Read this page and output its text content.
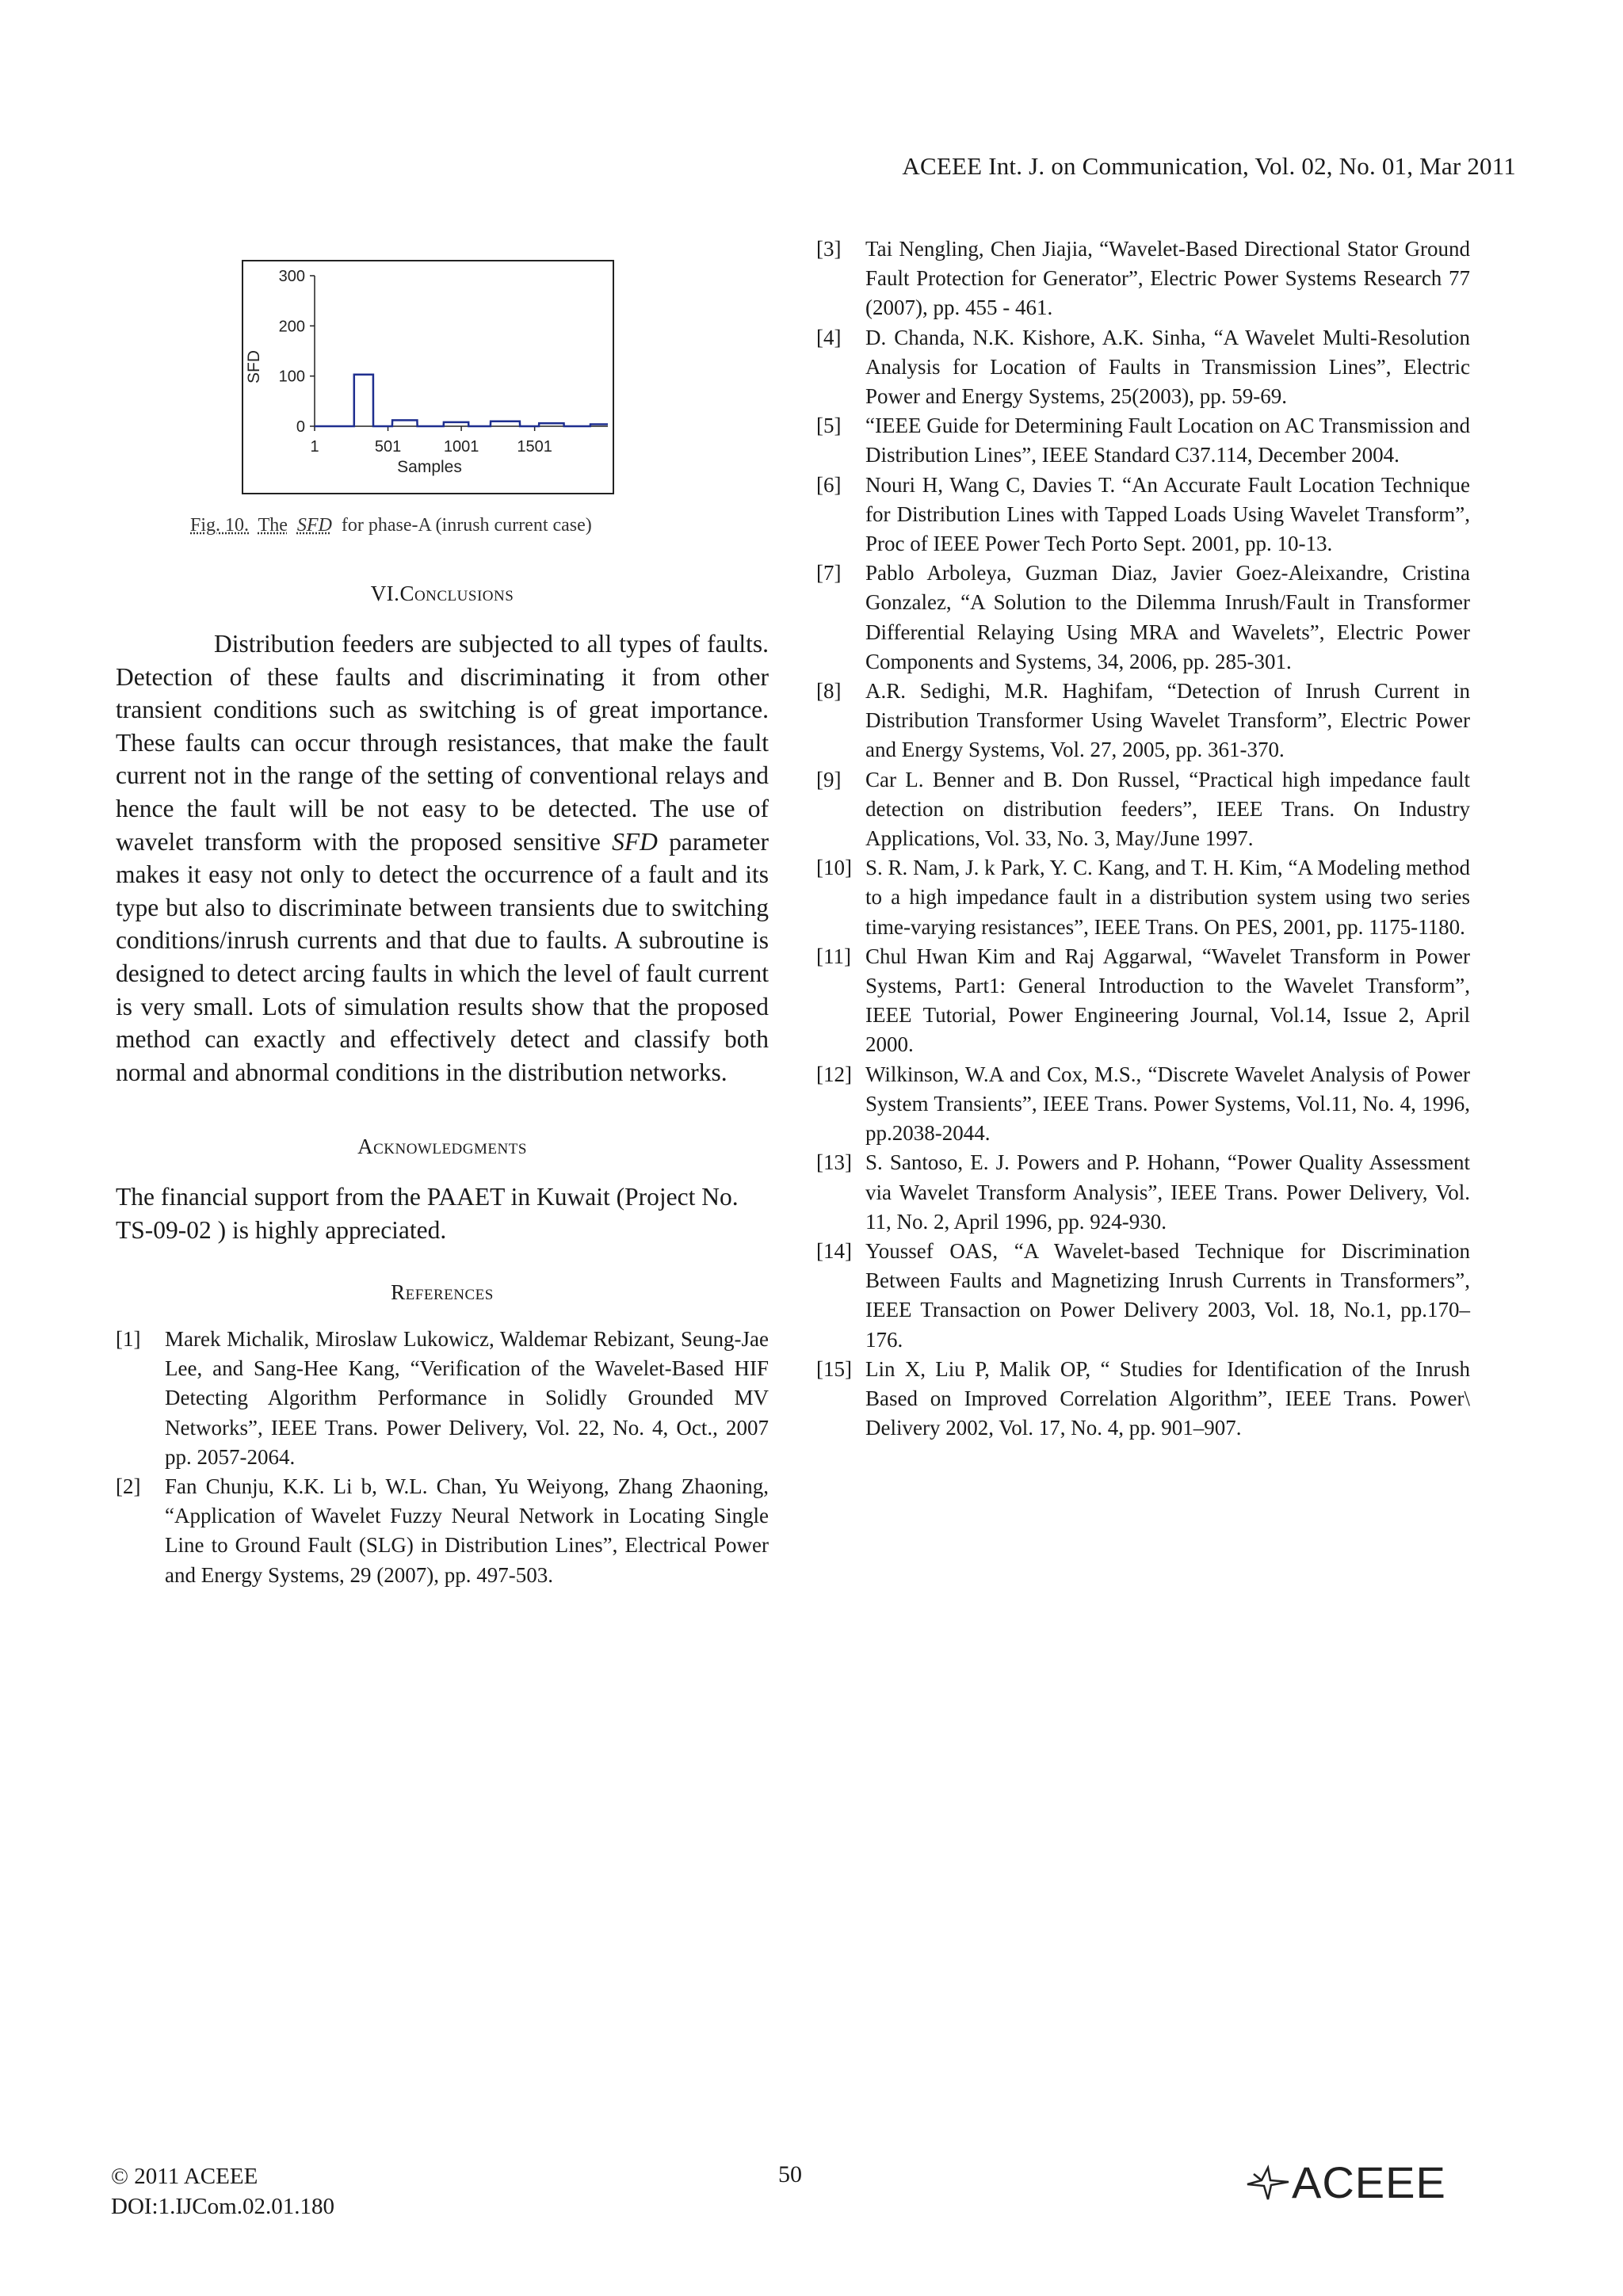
ACEEE Int. J. on Communication, Vol. 02, No. 01, Mar 2011
0
100
200
300
1	501	1001 1501
Samples
SFD
Fig. 10. The SFD for phase-A (inrush current case)
VI.Conclusions
Distribution feeders are subjected to all types of faults. Detection of these faults and discriminating it from other transient conditions such as switching is of great importance. These faults can occur through resistances, that make the fault current not in the range of the setting of conventional relays and hence the fault will be not easy to be detected. The use of wavelet transform with the proposed sensitive SFD parameter makes it easy not only to detect the occurrence of a fault and its type but also to discriminate between transients due to switching conditions/inrush currents and that due to faults. A subroutine is designed to detect arcing faults in which the level of fault current is very small. Lots of simulation results show that the proposed method can exactly and effectively detect and classify both normal and abnormal conditions in the distribution networks.
Acknowledgments
The financial support from the PAAET in Kuwait (Project No. TS-09-02 ) is highly appreciated.
References
[1]	Marek Michalik, Miroslaw Lukowicz, Waldemar Rebizant, Seung-Jae Lee, and Sang-Hee Kang, “Verification of the Wavelet-Based HIF Detecting Algorithm Performance in Solidly Grounded MV Networks”, IEEE Trans. Power Delivery, Vol. 22, No. 4, Oct., 2007 pp. 2057-2064.
[2]	Fan Chunju, K.K. Li b, W.L. Chan, Yu Weiyong, Zhang Zhaoning, “Application of Wavelet Fuzzy Neural Network in Locating Single Line to Ground Fault (SLG) in Distribution Lines”, Electrical Power and Energy Systems, 29 (2007), pp. 497-503.
[3]	Tai Nengling, Chen Jiajia, “Wavelet-Based Directional Stator Ground Fault Protection for Generator”, Electric Power Systems Research 77 (2007), pp. 455 - 461.
[4]	D. Chanda, N.K. Kishore, A.K. Sinha, “A Wavelet Multi-Resolution Analysis for Location of Faults in Transmission Lines”, Electric Power and Energy Systems, 25(2003), pp. 59-69.
[5]	“IEEE Guide for Determining Fault Location on AC Transmission and Distribution Lines”, IEEE Standard C37.114, December 2004.
[6]	Nouri H, Wang C, Davies T. “An Accurate Fault Location Technique for Distribution Lines with Tapped Loads Using Wavelet Transform”, Proc of IEEE Power Tech Porto Sept. 2001, pp. 10-13.
[7]	Pablo Arboleya, Guzman Diaz, Javier Goez-Aleixandre, Cristina Gonzalez, “A Solution to the Dilemma Inrush/Fault in Transformer Differential Relaying Using MRA and Wavelets”, Electric Power Components and Systems, 34, 2006, pp. 285-301.
[8]	A.R. Sedighi, M.R. Haghifam, “Detection of Inrush Current in Distribution Transformer Using Wavelet Transform”, Electric Power and Energy Systems, Vol. 27, 2005, pp. 361-370.
[9]	Car L. Benner and B. Don Russel, “Practical high impedance fault detection on distribution feeders”, IEEE Trans. On Industry Applications, Vol. 33, No. 3, May/June 1997.
[10] S. R. Nam, J. k Park, Y. C. Kang, and T. H. Kim, “A Modeling method to a high impedance fault in a distribution system using two series time-varying resistances”, IEEE Trans. On PES, 2001, pp. 1175-1180.
[11] Chul Hwan Kim and Raj Aggarwal, “Wavelet Transform in Power Systems, Part1: General Introduction to the Wavelet Transform”, IEEE Tutorial, Power Engineering Journal, Vol.14, Issue 2, April 2000.
[12] Wilkinson, W.A and Cox, M.S., “Discrete Wavelet Analysis of Power System Transients”, IEEE Trans. Power Systems, Vol.11, No. 4, 1996, pp.2038-2044.
[13] S. Santoso, E. J. Powers and P. Hohann, “Power Quality Assessment via Wavelet Transform Analysis”, IEEE Trans. Power Delivery, Vol. 11, No. 2, April 1996, pp. 924-930.
[14] Youssef OAS, “A Wavelet-based Technique for Discrimination Between Faults and Magnetizing Inrush Currents in Transformers”, IEEE Transaction on Power Delivery 2003, Vol. 18, No.1, pp.170–176.
[15] Lin X, Liu P, Malik OP, “ Studies for Identification of the Inrush Based on Improved Correlation Algorithm”, IEEE Trans. Power\ Delivery 2002, Vol. 17, No. 4, pp. 901–907.
© 2011 ACEEE
DOI:1.IJCom.02.01.180
50	ACEEE
